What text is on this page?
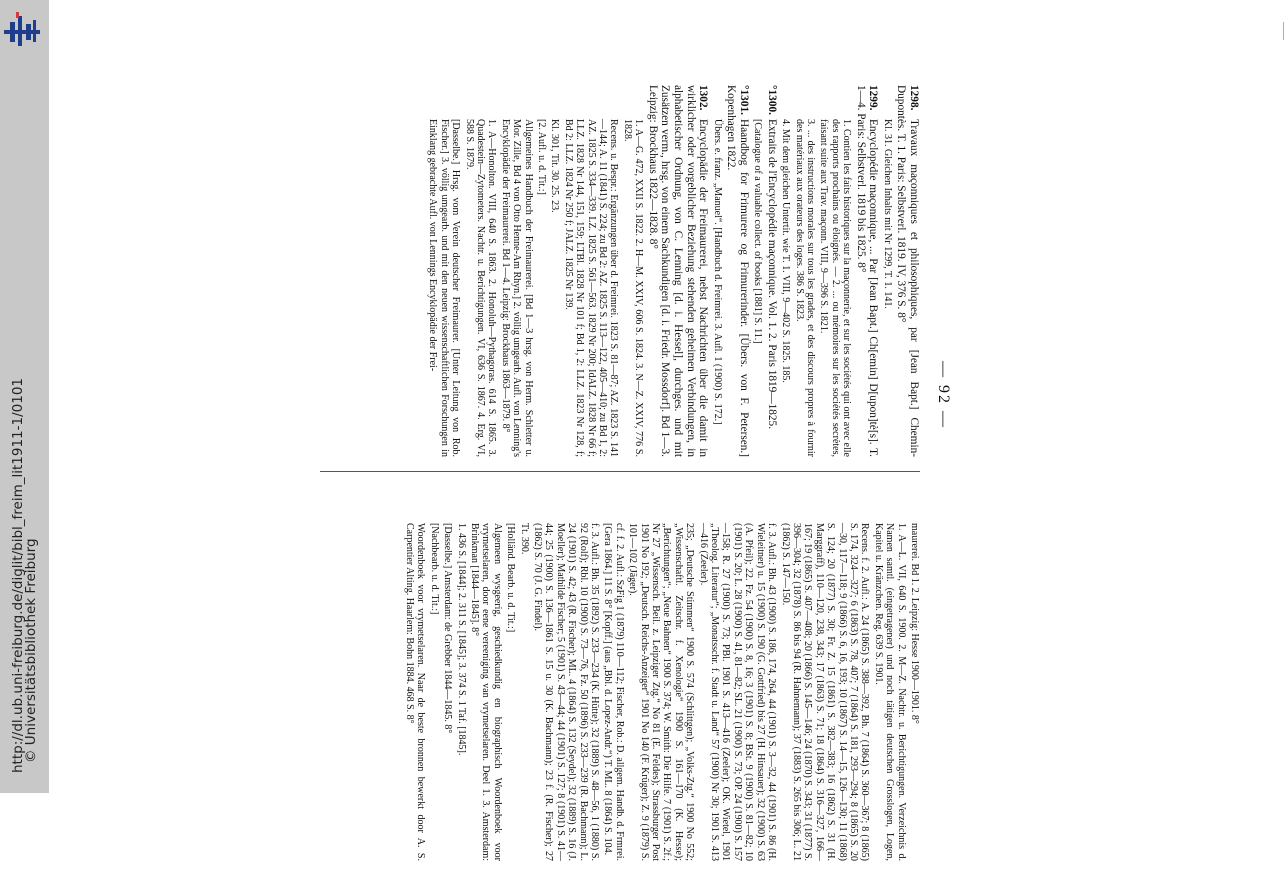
http://dl.ub.uni-freiburg.de/diglit/bibl_freim_lit1911-1/0101
© Universitätsbibliothek Freiburg
— 92 —
1298.Travaux maçonniques et philosophiques, par [Jean Bapt.] Chemin-Dupontès. T. 1. Paris: Selbstverl. 1819. IV, 376 S. 8°
Kl. 31. Gleichen Inhalts mit Nr 1299, T. 1. 141.
1299.Encyclopédie maçonnique, ... Par [Jean Bapt.] Ch[emin] D[upon]tè[s]. T. 1—4. Paris: Selbstverl. 1819 bis 1825. 8°
1. Contien les faits historiques sur la maçonnerie, et sur les sociétés qui ont avec elle des rapports prochains ou éloignés. — 2. ... ou mémoires sur les sociétés secrètes, faisant suite aux Trav. maçonn. VIII, 9—396 S. 1821.
3. ... des instructions morales sur tous les grades, et des discours propres à fournir des matériaux aux orateurs des loges. 386 S. 1823.
4. Mit dem gleichen Untertit. wie T. 1. VIII, 9—402 S. 1825. 185.
°1300.Extraits de l'Encyclopédie maçonnique. Vol. 1. 2. Paris 1819—1825.
[Catalogue of a valuable collect. of books [1881] S. 11.]
°1301.Haandbog for Frimurere og Frimurerinder. [Übers. von F. Petersen.] Kopenhagen 1822.
Übers. e. franz. „Manuel“. [Handbuch d. Freimrei. 3. Aufl. 1 (1900) S. 172.]
1302.Encyclopädie der Freimaurerei, nebst Nachrichten über die damit in wirklicher oder vorgeblicher Beziehung stehenden geheimen Verbindungen, in alphabetischer Ordnung, von C. Lenning [d. i. Hessel], durchges. und mit Zusätzen verm., hrsg. von einem Sachkundigen [d. i. Friedr. Mossdorf]. Bd 1—3. Leipzig: Brockhaus 1822—1828. 8°
1. A—G. 472, XXII S. 1822. 2. H—M. XXIV, 606 S. 1824. 3. N—Z. XXIV, 776 S. 1828.
Recens. u. Bespr.: Ergänzungen über d. Freimrei. 1823 S. 81—87; AZ. 1823 S. 141—144; A. 11 (1841) S. 224; zu Bd 2: AZ. 1825 S. 113—122, 405—410; zu Bd 1, 2: AZ. 1825 S. 334—339. LZ. 1825 S. 561—563. 1829 Nr 200; IdALZ. 1828 Nr 66 f; LLZ. 1828 Nr 144, 151, 159; LTBl. 1828 Nr 101 f; Bd 1, 2: LLZ. 1823 Nr 128, f; Bd 2: LLZ. 1824 Nr 250 f; JALZ. 1825 Nr 139.
Kl. 301, Tit. 30. 25. 23.
[2. Aufl. u. d. Tit.:]
Allgemeines Handbuch der Freimaurerei. [Bd 1—3 hrsg. von Herm. Schletter u. Mor. Zille, Bd 4 von Otto Henne-Am Rhyn.] 2. völlig umgearb. Aufl. von Lenning's Encyklopädie der Freimaurerei. Bd 1—4. Leipzig: Brockhaus 1863—1879. 8°
1. A—Honolton. VIII, 640 S. 1863. 2. Honoluh—Pythagoras. 614 S. 1865. 3. Quadestein—Zytometers. Nachtr. u. Berichtigungen. VI, 636 S. 1867. 4. Erg. VI, 588 S. 1879.
[Dasselbe.] Hrsg. vom Verein deutscher Freimaurer. [Unter Leitung von Rob. Fischer.] 3. völlig umgearb. und mit den neuen wissenschaftlichen Forschungen in Einklang gebrachte Aufl. von Lennings Encyklopädie der Frei-
maurerei. Bd 1. 2. Leipzig: Hesse 1900—1901. 8°
1. A—L. VII, 640 S. 1900. 2. M—Z. Nachtr. u. Berichtigungen. Verzeichnis d. Namen samtl. (eingetragener) und noch tätigen deutschen Grosslogen, Logen, Kapitel u. Kränzchen. Reg. 639 S. 1901.
Recens. f. 2. Aufl.: A. 24 (1865) S. 388—392, Bh. 7 (1864) S. 360—367; 8 (1865) S. 174, 324—327; 6 (1863) S. 78, 407; 7 (1864) S. 181, 293—294; 8 (1865) S. 20—30, 117—118; 9 (1866) S. 6, 16, 193; 10 (1867) S. 14—15, 126—130; 11 (1868) S. 124; 20 (1877) S. 30; Fr. Z. 15 (1861) S. 382—383; 16 (1862) S. 31 (H. Marggraff), 110—120, 238, 343; 17 (1863) S. 71; 18 (1864) S. 316—327, 166—167; 19 (1865) S. 407—408; 20 (1866) S. 145—146; 24 (1870) S. 343; 31 (1877) S. 396—304; 32 (1878) S. 86 bis 94 (R. Hahnemann); 37 (1883) S. 265 bis 306; L. 21 (1862) S. 147—150.
f. 3. Aufl.: Bh. 43 (1900) S. 186, 174, 264, 44 (1901) S. 3—32, 44 (1901) S. 86 (H. Wieleitner) u. 15 (1900) S. 190 (G. Gottfried) bis 27 (H. Hinsauer); 32 (1900) S. 63 (A. Pfeil); 22. Fz. 54 (1900) S. 8, 16; 3 (1901) S. 8; BSt. 9 (1900) S. 81—82; 10 (1901) S. 20; L. 28 (1900) S. 41, 81—82; SL. 21 (1900) S. 73; OP. 24 (1900) S. 157—158; R. 27 (1900) S. 73; PBl. 1901 S. 413—416 (Zeeler); OK. Wietel, 1901 „Theolog. Literatur“; „Monatsschr. f. Stadt u. Land“ 57 (1900) Nr 30; 1901 S. 413—416 (Zeeler).
235; „Deutsche Stimmen“ 1900 S. 574 (Schlittgen); „Volks-Ztg.“ 1900 No 552; „Wissenschaftl. Zeitschr. f. Xenologie“ 1900 S. 161—170 (K. Hesse); „Berichtungen“; „Neue Bahnen“ 1900 S. 374; W. Smith: Die Hilfe. 7 (1901) S. 2f.; Nr 27 „Wissensch. Beil. z. Leipziger Ztg.“ No 81 (E. Feldes); Strassburger Post 1901 No 192; „Deutsch. Reichs-Anzeiger“ 1901 No 140 (F. Krüger); Z. 9 (1879) S. 101—102 (Jäger).
cf. f. 2. Aufl.: SzFig 1 (1879) 110—112; Fischer, Rob.: D. allgem. Handb. d. Frmrei. [Gera 1864.] 11 S. 8° [Kopff.] (aus „Bbl. d. Lopez-Andr.“) T. ML. 8 (1864) S. 104.
f. 3. Aufl.: Bh. 35 (1892) S. 233—234 (K. Hütte); 32 (1889) S. 48—56, 1 (1880) S. 92 (Rolf); Rbl. 10 (1900) S. 73—76, Fz. 50 (1896) S. 233—239 (R. Bachmann); L. 24 (1901) S. 42; 43 (R. Fischer); ML. 4 (1864) S. 132 (Seydel); 32 (1889) S. 16 (J. Moeller); Mathilde Fischer; 5 (1901) S. 43—44; 44 (1901) S. 127; 8 (1901) S. 41—44; 25 (1900) S. 136—1861 S. 15 u. 30 (K. Bachmann); 23 f. (R. Fischer); 27 (1862) S. 70 (J. G. Findel).
Tt. 390.
[Holländ. Bearb. u. d. Tit.:]
Algemeen wysgeerig, geschiedkundig en biographisch Woordenboek voor vrymetselaren, door eene vereeniging van vrymetselaren. Deel 1. 3. Amsterdam: Brinkman [1844—1845]. 8°
1. 436 S. [1844]; 2. 311 S. [1845]; 3. 374 S. 1 Taf. [1845].
[Dasselbe.] Amsterdam: de Grebber 1844—1845. 8°
[Nachbearb. u. d. Tit.:]
Woordenboek voor vrymetselaren. Naar de beste bronnen bewerkt door A. S. Carpentier Alting. Haarlem: Bohn 1884. 468 S. 8°
